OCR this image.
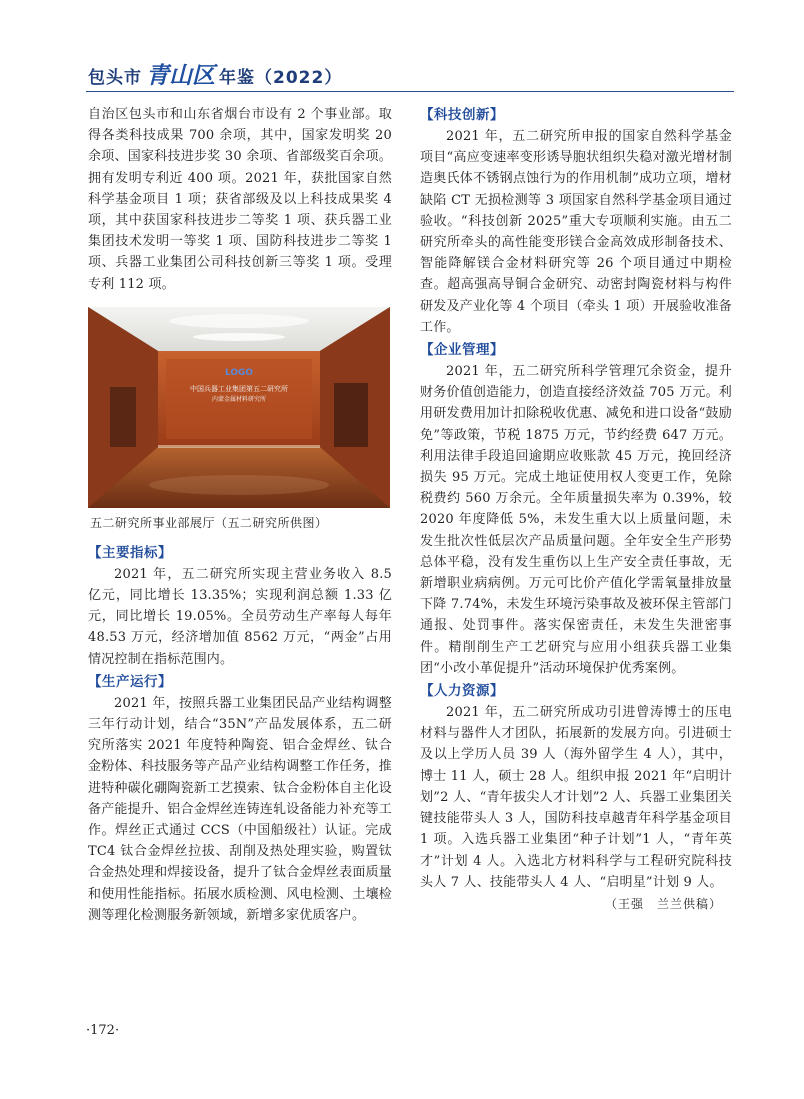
包头市 青山区 年鉴（2022）

自治区包头市和山东省烟台市设有 2 个事业部。取得各类科技成果 700 余项，其中，国家发明奖 20 余项、国家科技进步奖 30 余项、省部级奖百余项。拥有发明专利近 400 项。2021 年，获批国家自然科学基金项目 1 项；获省部级及以上科技成果奖 4 项，其中获国家科技进步二等奖 1 项、获兵器工业集团技术发明一等奖 1 项、国防科技进步二等奖 1 项、兵器工业集团公司科技创新三等奖 1 项。受理专利 112 项。

LOGO
中国兵器工业集团第五二研究所
内蒙金属材料研究所
五二研究所事业部展厅（五二研究所供图）
【主要指标】

2021 年，五二研究所实现主营业务收入 8.5 亿元，同比增长 13.35%；实现利润总额 1.33 亿元，同比增长 19.05%。全员劳动生产率每人每年 48.53 万元，经济增加值 8562 万元，“两金”占用情况控制在指标范围内。

【生产运行】

2021 年，按照兵器工业集团民品产业结构调整三年行动计划，结合“35N”产品发展体系，五二研究所落实 2021 年度特种陶瓷、铝合金焊丝、钛合金粉体、科技服务等产品产业结构调整工作任务，推进特种碳化硼陶瓷新工艺摸索、钛合金粉体自主化设备产能提升、铝合金焊丝连铸连轧设备能力补充等工作。焊丝正式通过 CCS（中国船级社）认证。完成 TC4 钛合金焊丝拉拔、刮削及热处理实验，购置钛合金热处理和焊接设备，提升了钛合金焊丝表面质量和使用性能指标。拓展水质检测、风电检测、土壤检测等理化检测服务新领域，新增多家优质客户。

【科技创新】

2021 年，五二研究所申报的国家自然科学基金项目“高应变速率变形诱导胞状组织失稳对激光增材制造奥氏体不锈钢点蚀行为的作用机制”成功立项，增材缺陷 CT 无损检测等 3 项国家自然科学基金项目通过验收。“科技创新 2025”重大专项顺利实施。由五二研究所牵头的高性能变形镁合金高效成形制备技术、智能降解镁合金材料研究等 26 个项目通过中期检查。超高强高导铜合金研究、动密封陶瓷材料与构件研发及产业化等 4 个项目（牵头 1 项）开展验收准备工作。

【企业管理】

2021 年，五二研究所科学管理冗余资金，提升财务价值创造能力，创造直接经济效益 705 万元。利用研发费用加计扣除税收优惠、减免和进口设备“鼓励免”等政策，节税 1875 万元，节约经费 647 万元。利用法律手段追回逾期应收账款 45 万元，挽回经济损失 95 万元。完成土地证使用权人变更工作，免除税费约 560 万余元。全年质量损失率为 0.39%，较 2020 年度降低 5%，未发生重大以上质量问题，未发生批次性低层次产品质量问题。全年安全生产形势总体平稳，没有发生重伤以上生产安全责任事故，无新增职业病病例。万元可比价产值化学需氧量排放量下降 7.74%，未发生环境污染事故及被环保主管部门通报、处罚事件。落实保密责任，未发生失泄密事件。精削削生产工艺研究与应用小组获兵器工业集团“小改小革促提升”活动环境保护优秀案例。

【人力资源】

2021 年，五二研究所成功引进曾涛博士的压电材料与器件人才团队，拓展新的发展方向。引进硕士及以上学历人员 39 人（海外留学生 4 人），其中，博士 11 人，硕士 28 人。组织申报 2021 年“启明计划”2 人、“青年拔尖人才计划”2 人、兵器工业集团关键技能带头人 3 人，国防科技卓越青年科学基金项目 1 项。入选兵器工业集团“种子计划”1 人，“青年英才”计划 4 人。入选北方材料科学与工程研究院科技头人 7 人、技能带头人 4 人、“启明星”计划 9 人。

（王强　兰兰供稿）
·172·
